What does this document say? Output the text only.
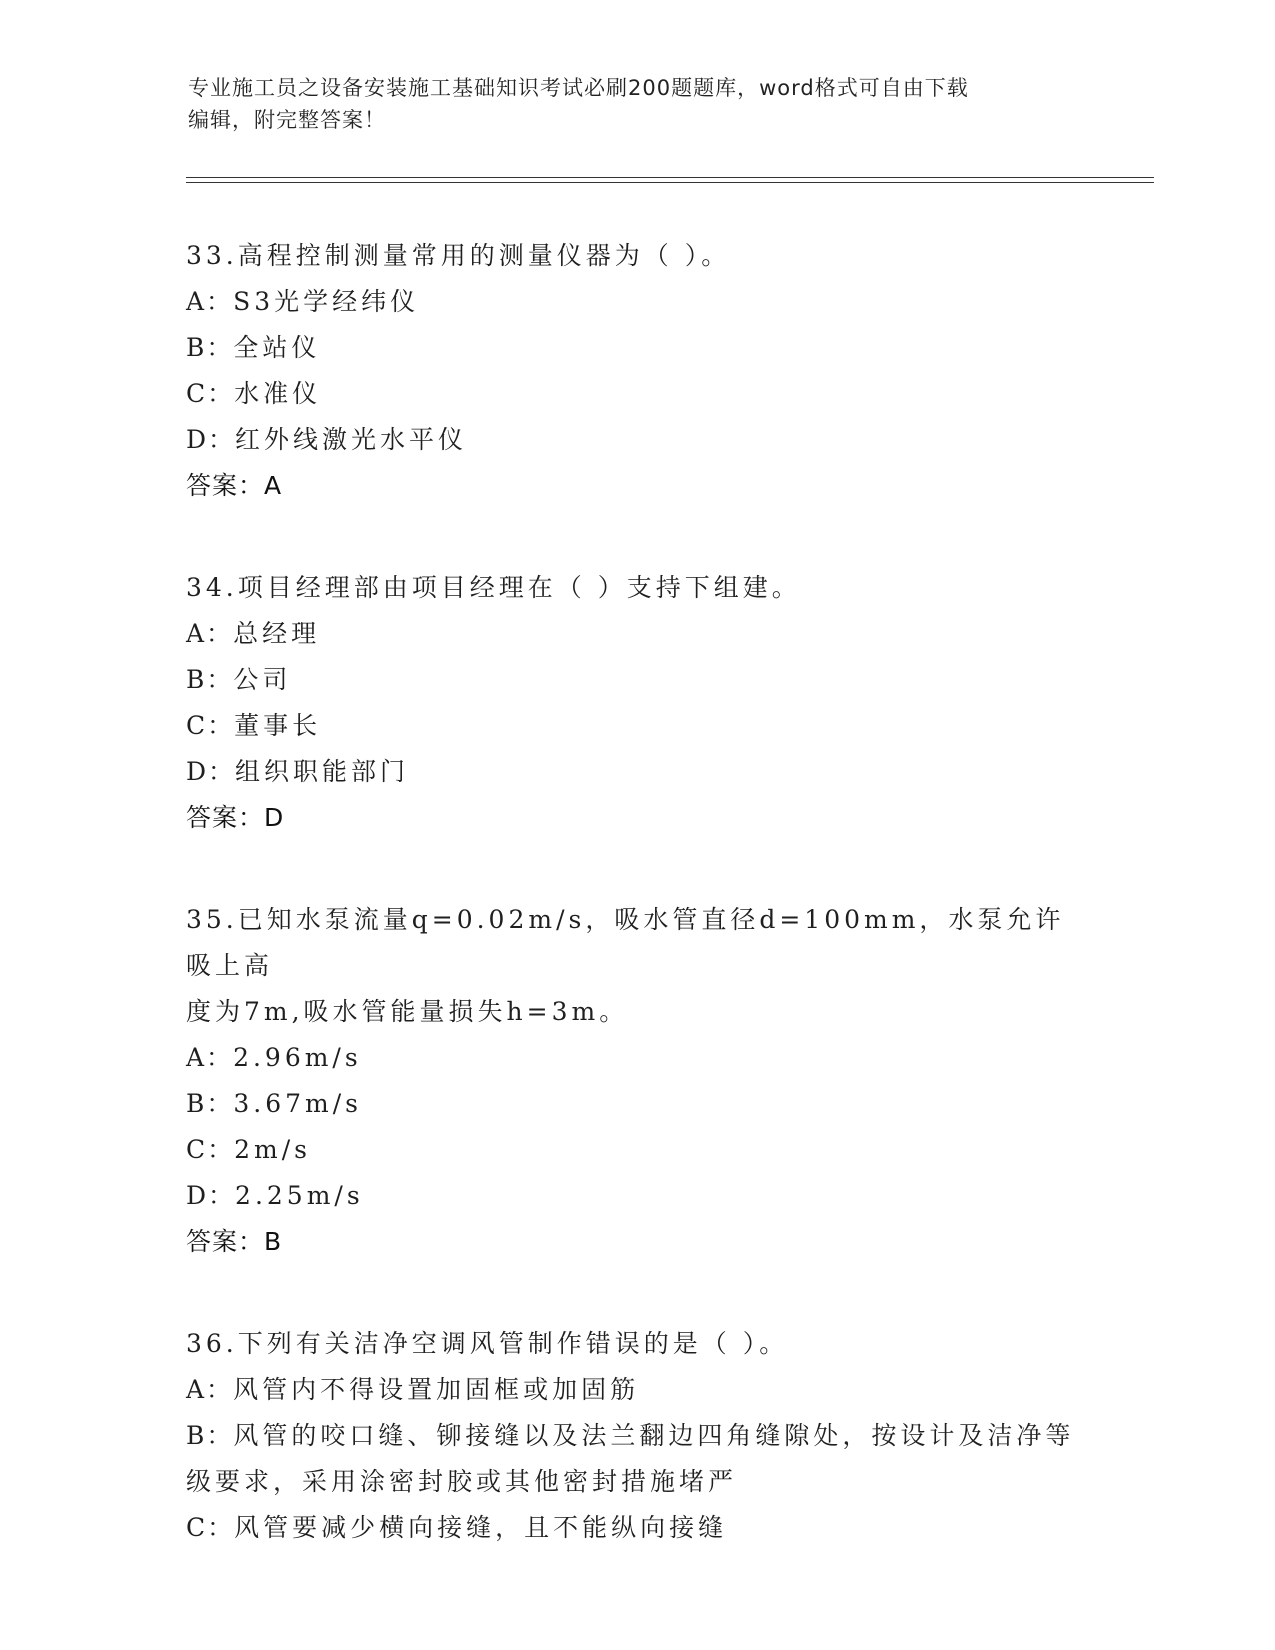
专业施工员之设备安装施工基础知识考试必刷200题题库，word格式可自由下载
编辑，附完整答案！

33.高程控制测量常用的测量仪器为（ ）。

A：S3光学经纬仪

B：全站仪

C：水准仪

D：红外线激光水平仪

答案：A

34.项目经理部由项目经理在（ ）支持下组建。

A：总经理

B：公司

C：董事长

D：组织职能部门

答案：D

35.已知水泵流量q=0.02m/s，吸水管直径d=100mm，水泵允许吸上高

度为7m,吸水管能量损失h=3m。

A：2.96m/s

B：3.67m/s

C：2m/s

D：2.25m/s

答案：B

36.下列有关洁净空调风管制作错误的是（ ）。

A：风管内不得设置加固框或加固筋

B：风管的咬口缝、铆接缝以及法兰翻边四角缝隙处，按设计及洁净等

级要求，采用涂密封胶或其他密封措施堵严

C：风管要减少横向接缝，且不能纵向接缝
